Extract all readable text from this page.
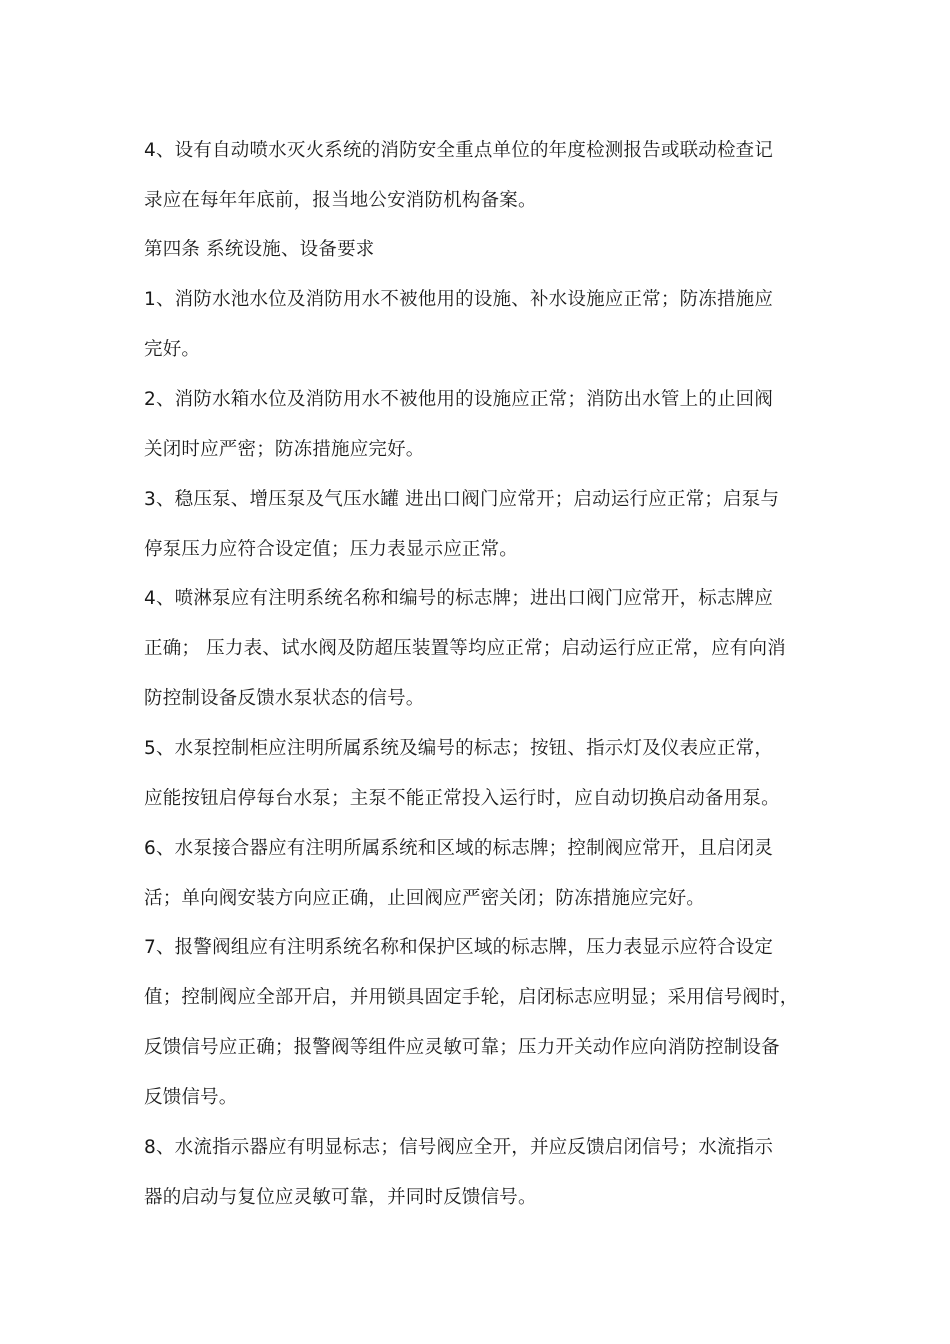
4、设有自动喷水灭火系统的消防安全重点单位的年度检测报告或联动检查记
录应在每年年底前，报当地公安消防机构备案。
第四条 系统设施、设备要求
1、消防水池水位及消防用水不被他用的设施、补水设施应正常；防冻措施应
完好。
2、消防水箱水位及消防用水不被他用的设施应正常；消防出水管上的止回阀
关闭时应严密；防冻措施应完好。
3、稳压泵、增压泵及气压水罐 进出口阀门应常开；启动运行应正常；启泵与
停泵压力应符合设定值；压力表显示应正常。
4、喷淋泵应有注明系统名称和编号的标志牌；进出口阀门应常开，标志牌应
正确； 压力表、试水阀及防超压装置等均应正常；启动运行应正常，应有向消
防控制设备反馈水泵状态的信号。
5、水泵控制柜应注明所属系统及编号的标志；按钮、指示灯及仪表应正常，
应能按钮启停每台水泵；主泵不能正常投入运行时，应自动切换启动备用泵。
6、水泵接合器应有注明所属系统和区域的标志牌；控制阀应常开，且启闭灵
活；单向阀安装方向应正确，止回阀应严密关闭；防冻措施应完好。
7、报警阀组应有注明系统名称和保护区域的标志牌，压力表显示应符合设定
值；控制阀应全部开启，并用锁具固定手轮，启闭标志应明显；采用信号阀时，
反馈信号应正确；报警阀等组件应灵敏可靠；压力开关动作应向消防控制设备
反馈信号。
8、水流指示器应有明显标志；信号阀应全开，并应反馈启闭信号；水流指示
器的启动与复位应灵敏可靠，并同时反馈信号。
